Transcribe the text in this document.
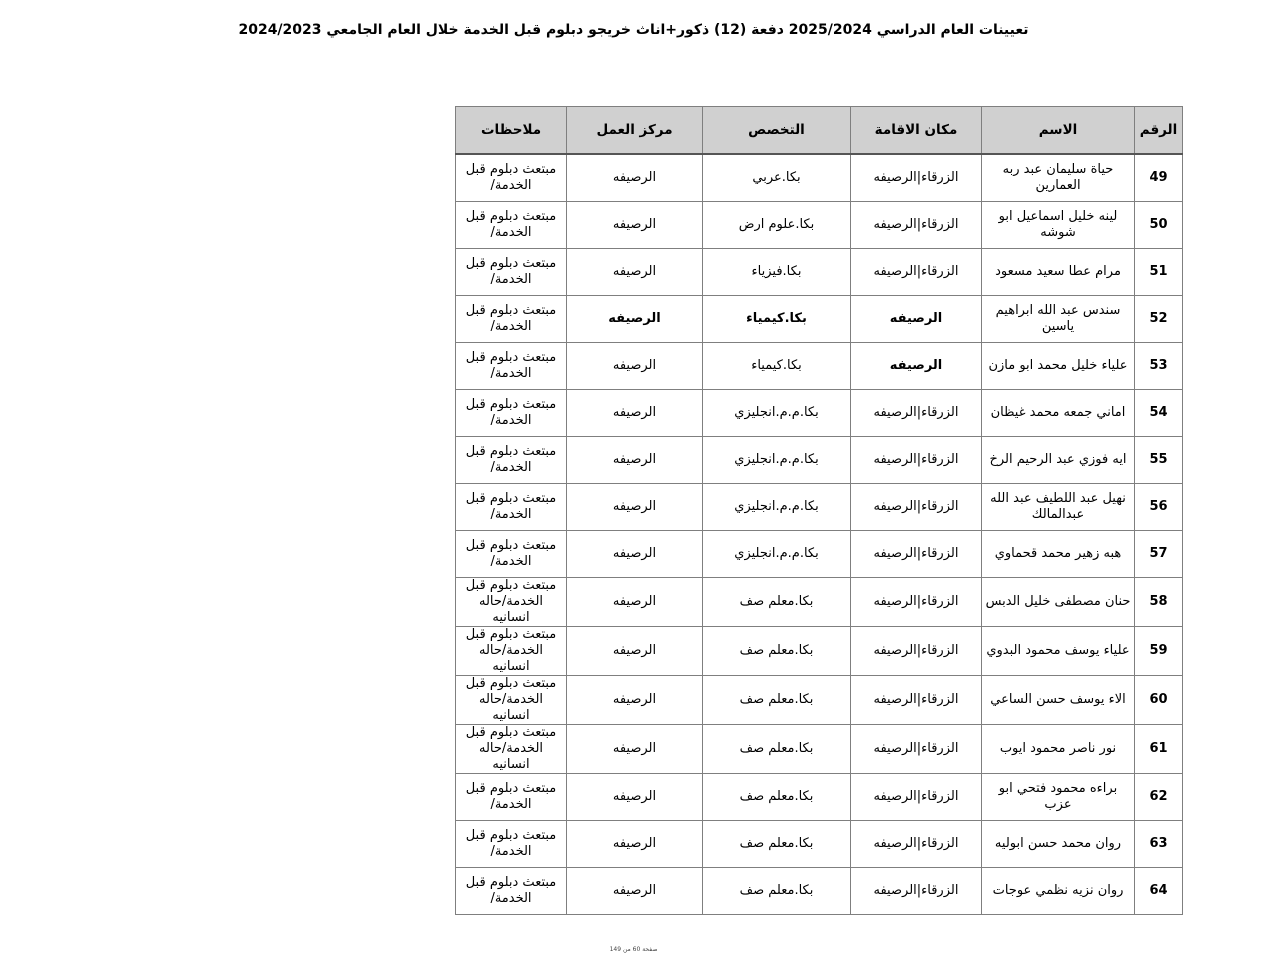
تعيينات العام الدراسي 2025/2024 دفعة (12) ذكور+اناث خريجو دبلوم قبل الخدمة خلال العام الجامعي 2024/2023
الرقم	الاسم	مكان الاقامة	التخصص	مركز العمل	ملاحظات
49	حياة سليمان عبد ربه العمارين	الزرقاء|الرصيفه	بكا.عربي	الرصيفه	مبتعث دبلوم قبل الخدمة/
50	لينه خليل اسماعيل ابو شوشه	الزرقاء|الرصيفه	بكا.علوم ارض	الرصيفه	مبتعث دبلوم قبل الخدمة/
51	مرام عطا سعيد مسعود	الزرقاء|الرصيفه	بكا.فيزياء	الرصيفه	مبتعث دبلوم قبل الخدمة/
52	سندس عبد الله ابراهيم ياسين	الرصيفه	بكا.كيمياء	الرصيفه	مبتعث دبلوم قبل الخدمة/
53	علياء خليل محمد ابو مازن	الرصيفه	بكا.كيمياء	الرصيفه	مبتعث دبلوم قبل الخدمة/
54	اماني جمعه محمد غيظان	الزرقاء|الرصيفه	بكا.م.م.انجليزي	الرصيفه	مبتعث دبلوم قبل الخدمة/
55	ايه فوزي عبد الرحيم الرخ	الزرقاء|الرصيفه	بكا.م.م.انجليزي	الرصيفه	مبتعث دبلوم قبل الخدمة/
56	نهيل عبد اللطيف عبد الله عبدالمالك	الزرقاء|الرصيفه	بكا.م.م.انجليزي	الرصيفه	مبتعث دبلوم قبل الخدمة/
57	هبه زهير محمد قحماوي	الزرقاء|الرصيفه	بكا.م.م.انجليزي	الرصيفه	مبتعث دبلوم قبل الخدمة/
58	حنان مصطفى خليل الدبس	الزرقاء|الرصيفه	بكا.معلم صف	الرصيفه	مبتعث دبلوم قبل الخدمة/حاله انسانيه
59	علياء يوسف محمود البدوي	الزرقاء|الرصيفه	بكا.معلم صف	الرصيفه	مبتعث دبلوم قبل الخدمة/حاله انسانيه
60	الاء يوسف حسن الساعي	الزرقاء|الرصيفه	بكا.معلم صف	الرصيفه	مبتعث دبلوم قبل الخدمة/حاله انسانيه
61	نور ناصر محمود ايوب	الزرقاء|الرصيفه	بكا.معلم صف	الرصيفه	مبتعث دبلوم قبل الخدمة/حاله انسانيه
62	براءه محمود فتحي ابو عزب	الزرقاء|الرصيفه	بكا.معلم صف	الرصيفه	مبتعث دبلوم قبل الخدمة/
63	روان محمد حسن ابوليه	الزرقاء|الرصيفه	بكا.معلم صف	الرصيفه	مبتعث دبلوم قبل الخدمة/
64	روان نزيه نظمي عوجات	الزرقاء|الرصيفه	بكا.معلم صف	الرصيفه	مبتعث دبلوم قبل الخدمة/
صفحة 60 من 149
